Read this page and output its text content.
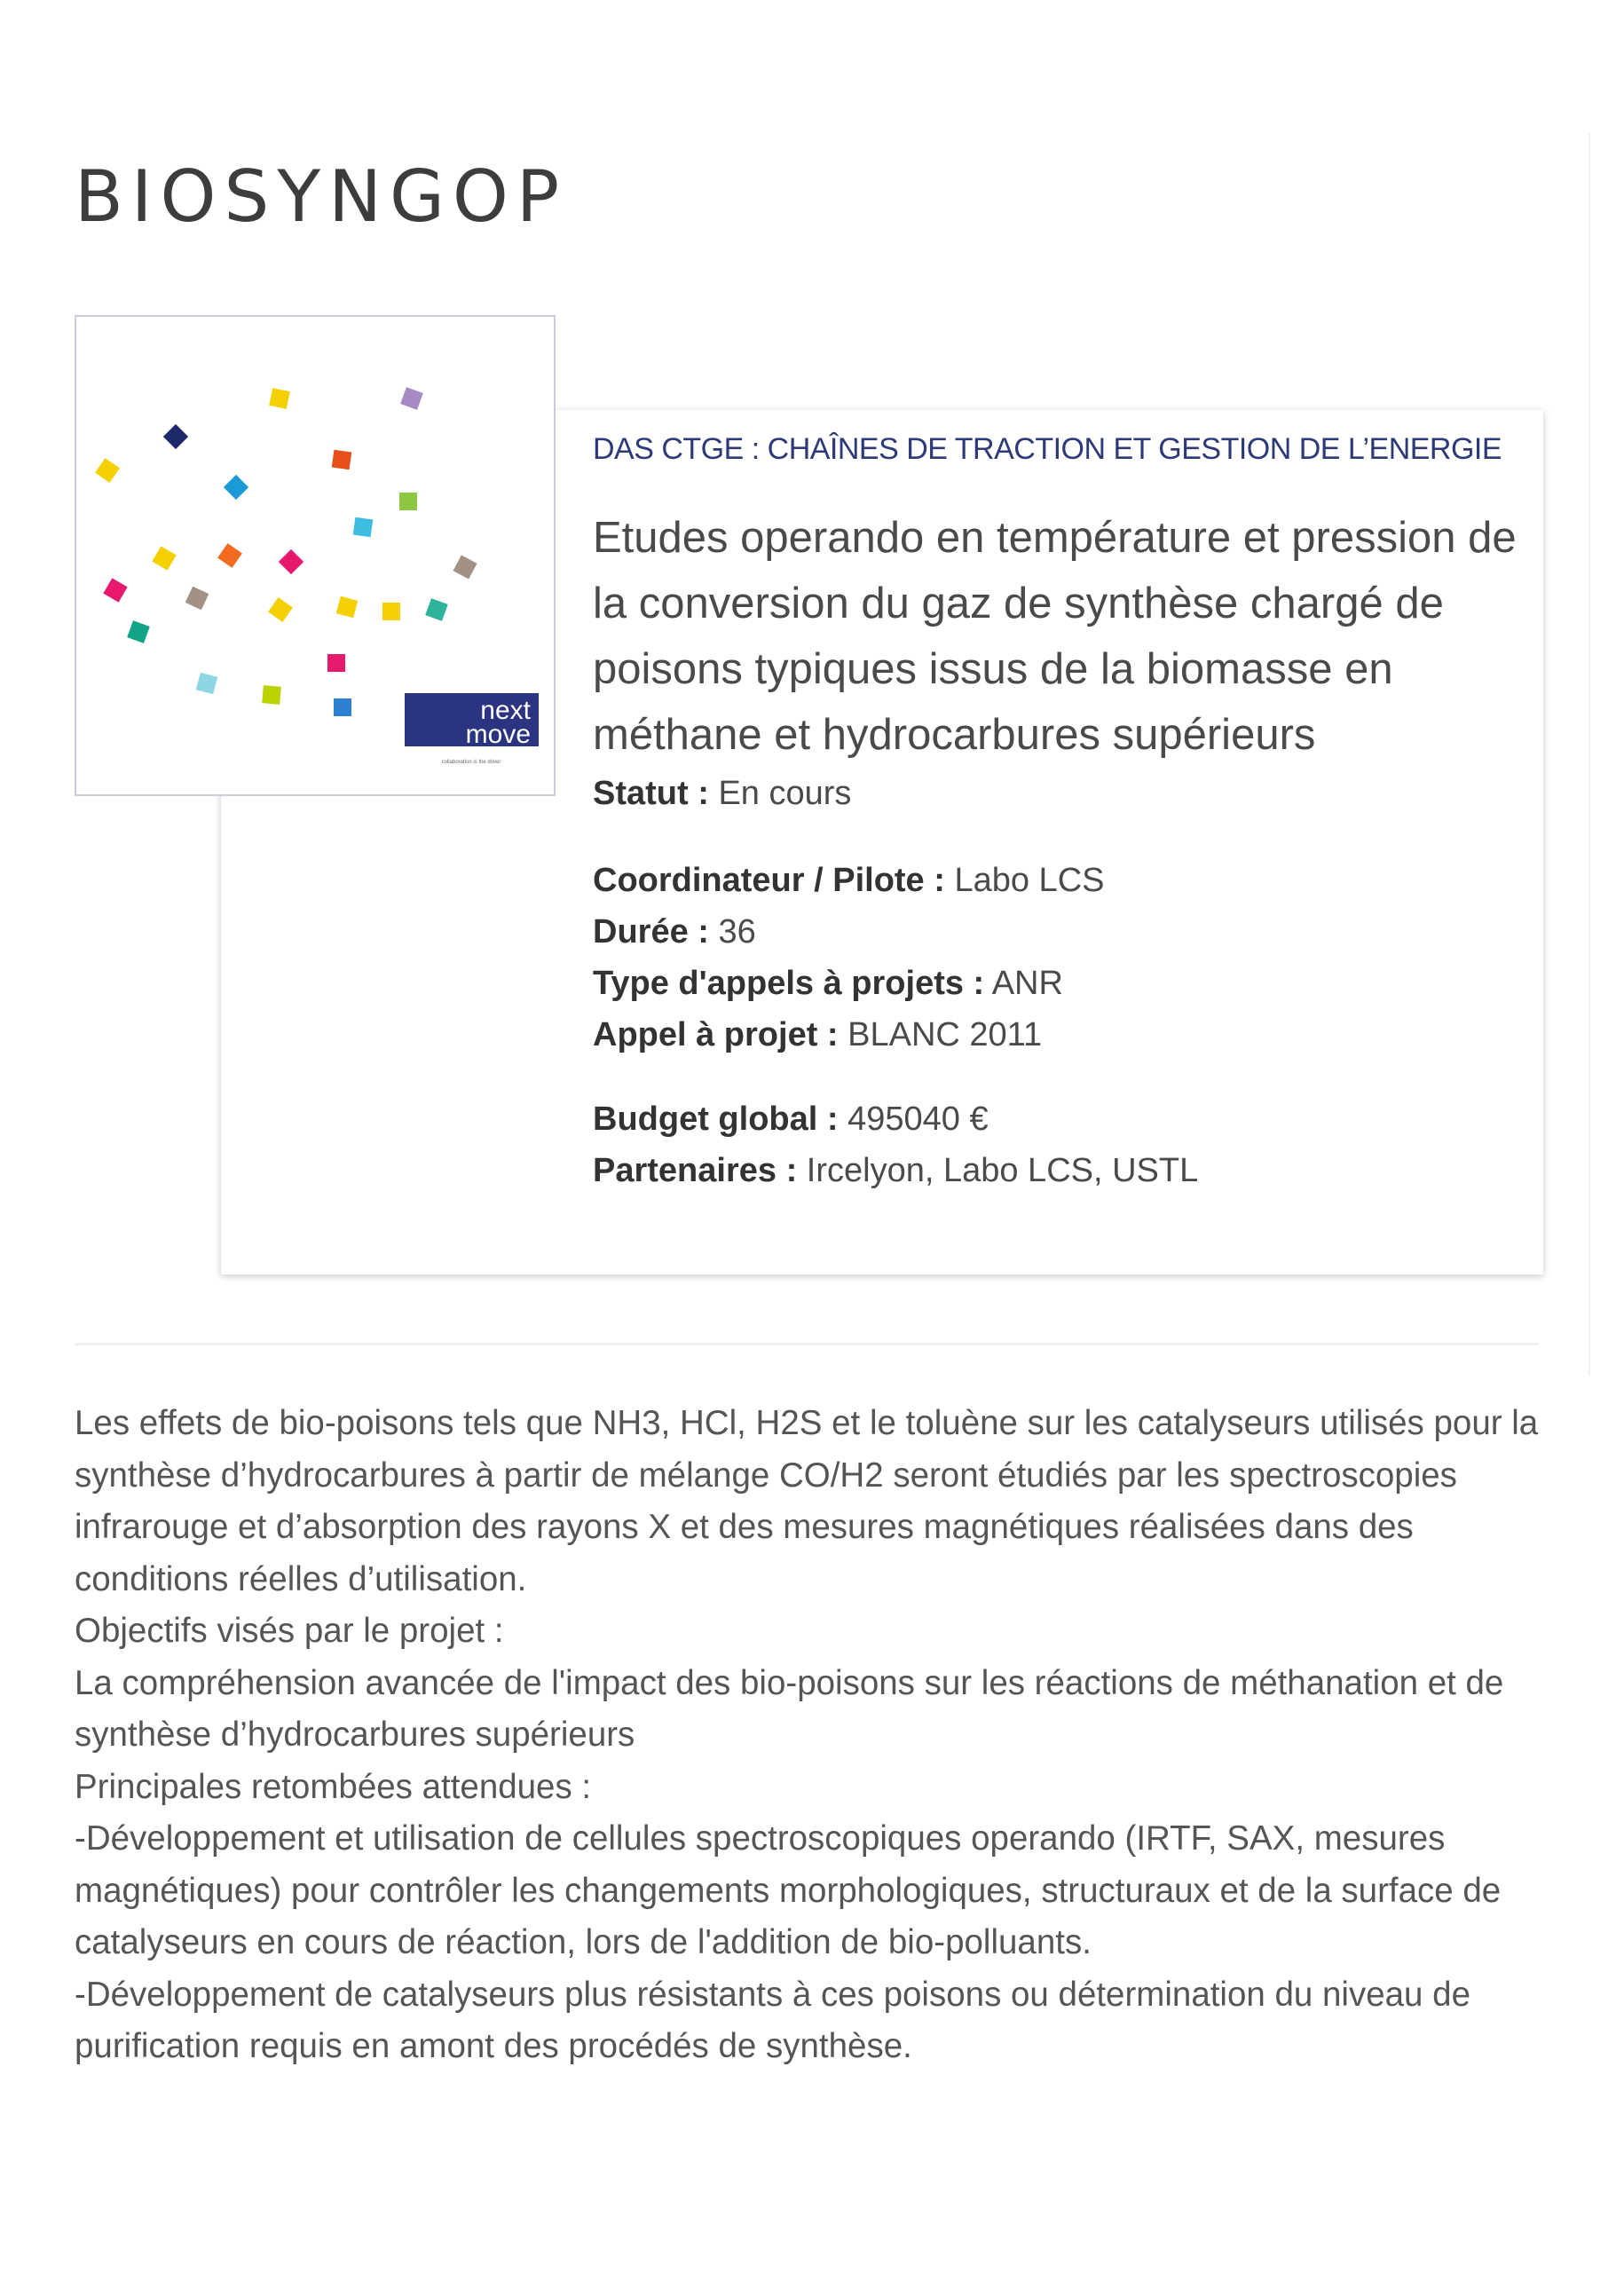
BIOSYNGOP
next
move
collaboration is the driver
DAS CTGE : CHAÎNES DE TRACTION ET GESTION DE L’ENERGIE
Etudes operando en température et pression de la conversion du gaz de synthèse chargé de poisons typiques issus de la biomasse en méthane et hydrocarbures supérieurs
Statut : En cours
Coordinateur / Pilote : Labo LCS
Durée : 36
Type d'appels à projets : ANR
Appel à projet : BLANC 2011
Budget global : 495040 €
Partenaires : Ircelyon, Labo LCS, USTL

Les effets de bio-poisons tels que NH3, HCl, H2S et le toluène sur les catalyseurs utilisés pour la synthèse d’hydrocarbures à partir de mélange CO/H2 seront étudiés par les spectroscopies infrarouge et d’absorption des rayons X et des mesures magnétiques réalisées dans des conditions réelles d’utilisation.

Objectifs visés par le projet :

La compréhension avancée de l'impact des bio-poisons sur les réactions de méthanation et de synthèse d’hydrocarbures supérieurs

Principales retombées attendues :

-Développement et utilisation de cellules spectroscopiques operando (IRTF, SAX, mesures magnétiques) pour contrôler les changements morphologiques, structuraux et de la surface de catalyseurs en cours de réaction, lors de l'addition de bio-polluants.

-Développement de catalyseurs plus résistants à ces poisons ou détermination du niveau de purification requis en amont des procédés de synthèse.
